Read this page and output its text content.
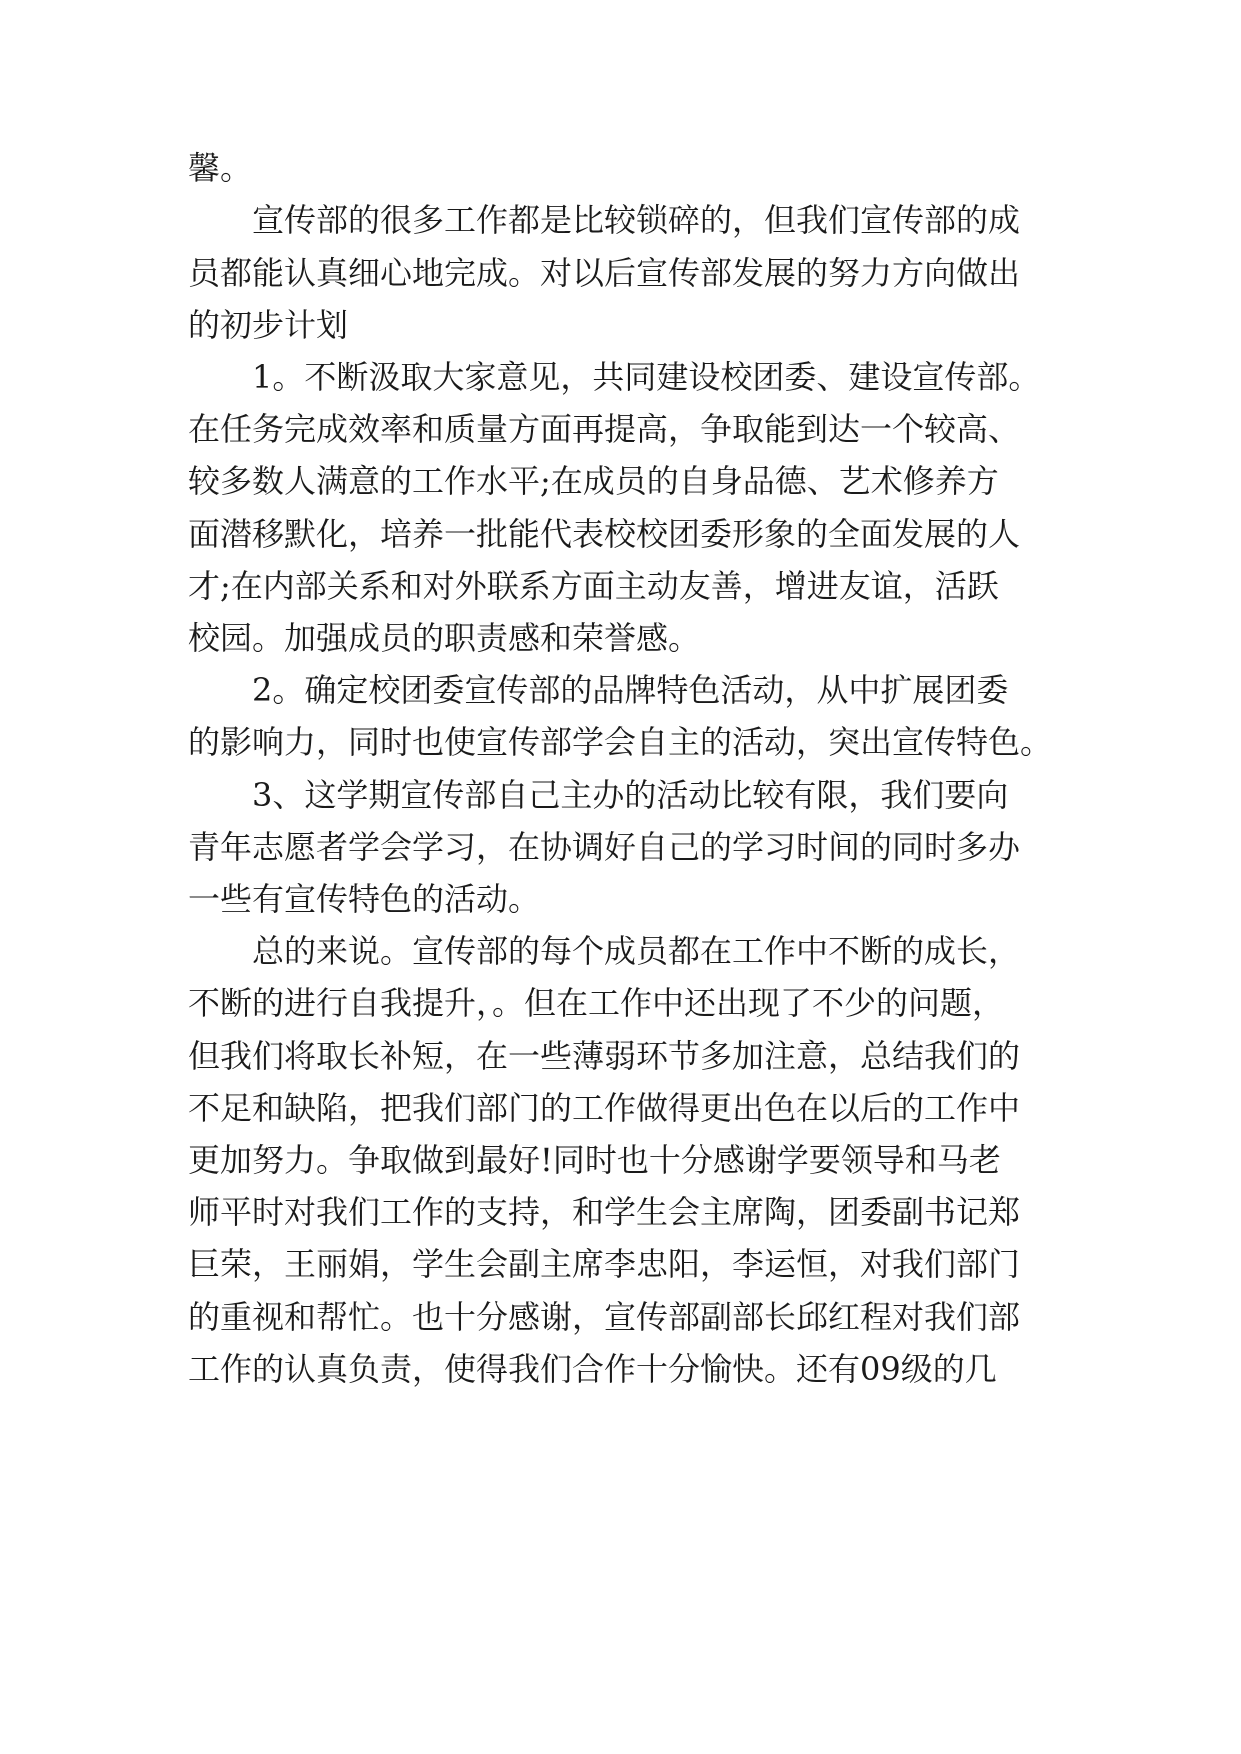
馨。
宣传部的很多工作都是比较锁碎的，但我们宣传部的成
员都能认真细心地完成。对以后宣传部发展的努力方向做出
的初步计划
1。不断汲取大家意见，共同建设校团委、建设宣传部。
在任务完成效率和质量方面再提高，争取能到达一个较高、
较多数人满意的工作水平;在成员的自身品德、艺术修养方
面潜移默化，培养一批能代表校校团委形象的全面发展的人
才;在内部关系和对外联系方面主动友善，增进友谊，活跃
校园。加强成员的职责感和荣誉感。
2。确定校团委宣传部的品牌特色活动，从中扩展团委
的影响力，同时也使宣传部学会自主的活动，突出宣传特色。
3、这学期宣传部自己主办的活动比较有限，我们要向
青年志愿者学会学习，在协调好自己的学习时间的同时多办
一些有宣传特色的活动。
总的来说。宣传部的每个成员都在工作中不断的成长，
不断的进行自我提升，。但在工作中还出现了不少的问题，
但我们将取长补短，在一些薄弱环节多加注意，总结我们的
不足和缺陷，把我们部门的工作做得更出色在以后的工作中
更加努力。争取做到最好!同时也十分感谢学要领导和马老
师平时对我们工作的支持，和学生会主席陶，团委副书记郑
巨荣，王丽娟，学生会副主席李忠阳，李运恒，对我们部门
的重视和帮忙。也十分感谢，宣传部副部长邱红程对我们部
工作的认真负责，使得我们合作十分愉快。还有09级的几
